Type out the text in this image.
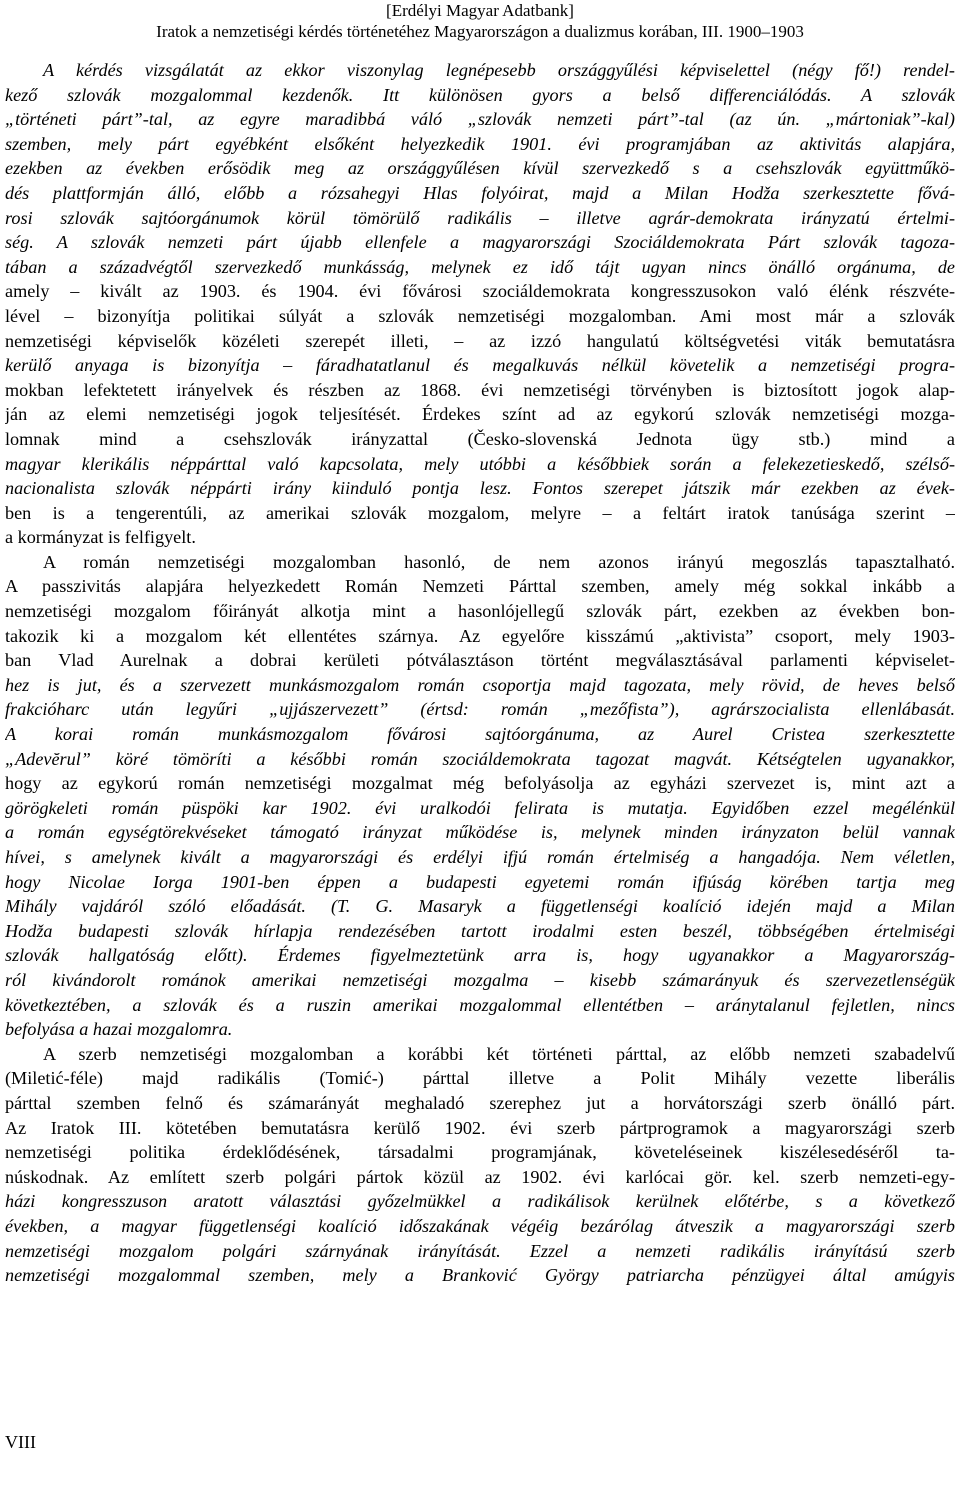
[Erdélyi Magyar Adatbank]
Iratok a nemzetiségi kérdés történetéhez Magyarországon a dualizmus korában, III. 1900–1903
A kérdés vizsgálatát az ekkor viszonylag legnépesebb országgyűlési képviselettel (négy fő!) rendel-
kező szlovák mozgalommal kezdenők. Itt különösen gyors a belső differenciálódás. A szlovák
„történeti párt”-tal, az egyre maradibbá váló „szlovák nemzeti párt”-tal (az ún. „mártoniak”-kal)
szemben, mely párt egyébként elsőként helyezkedik 1901. évi programjában az aktivitás alapjára,
ezekben az években erősödik meg az országgyűlésen kívül szervezkedő s a csehszlovák együttműkö-
dés plattformján álló, előbb a rózsahegyi Hlas folyóirat, majd a Milan Hodža szerkesztette fővá-
rosi szlovák sajtóorgánumok körül tömörülő radikális – illetve agrár-demokrata irányzatú értelmi-
ség. A szlovák nemzeti párt újabb ellenfele a magyarországi Szociáldemokrata Párt szlovák tagoza-
tában a századvégtől szervezkedő munkásság, melynek ez idő tájt ugyan nincs önálló orgánuma, de
amely – kivált az 1903. és 1904. évi fővárosi szociáldemokrata kongresszusokon való élénk részvéte-
lével – bizonyítja politikai súlyát a szlovák nemzetiségi mozgalomban. Ami most már a szlovák
nemzetiségi képviselők közéleti szerepét illeti, – az izzó hangulatú költségvetési viták bemutatásra
kerülő anyaga is bizonyítja – fáradhatatlanul és megalkuvás nélkül követelik a nemzetiségi progra-
mokban lefektetett irányelvek és részben az 1868. évi nemzetiségi törvényben is biztosított jogok alap-
ján az elemi nemzetiségi jogok teljesítését. Érdekes színt ad az egykorú szlovák nemzetiségi mozga-
lomnak mind a csehszlovák irányzattal (Česko-slovenská Jednota ügy stb.) mind a
magyar klerikális néppárttal való kapcsolata, mely utóbbi a későbbiek során a felekezetieskedő, szélső-
nacionalista szlovák néppárti irány kiinduló pontja lesz. Fontos szerepet játszik már ezekben az évek-
ben is a tengerentúli, az amerikai szlovák mozgalom, melyre – a feltárt iratok tanúsága szerint –
a kormányzat is felfigyelt.
A román nemzetiségi mozgalomban hasonló, de nem azonos irányú megoszlás tapasztalható.
A passzivitás alapjára helyezkedett Román Nemzeti Párttal szemben, amely még sokkal inkább a
nemzetiségi mozgalom főirányát alkotja mint a hasonlójellegű szlovák párt, ezekben az években bon-
takozik ki a mozgalom két ellentétes szárnya. Az egyelőre kisszámú „aktivista” csoport, mely 1903-
ban Vlad Aurelnak a dobrai kerületi pótválasztáson történt megválasztásával parlamenti képviselet-
hez is jut, és a szervezett munkásmozgalom román csoportja majd tagozata, mely rövid, de heves belső
frakcióharc után legyűri „ujjászervezett” (értsd: román „mezőfista”), agrárszocialista ellenlábasát.
A korai román munkásmozgalom fővárosi sajtóorgánuma, az Aurel Cristea szerkesztette
„Adevĕrul” köré tömöríti a későbbi román szociáldemokrata tagozat magvát. Kétségtelen ugyanakkor,
hogy az egykorú román nemzetiségi mozgalmat még befolyásolja az egyházi szervezet is, mint azt a
görögkeleti román püspöki kar 1902. évi uralkodói felirata is mutatja. Egyidőben ezzel megélénkül
a román egységtörekvéseket támogató irányzat működése is, melynek minden irányzaton belül vannak
hívei, s amelynek kivált a magyarországi és erdélyi ifjú román értelmiség a hangadója. Nem véletlen,
hogy Nicolae Iorga 1901-ben éppen a budapesti egyetemi román ifjúság körében tartja meg
Mihály vajdáról szóló előadását. (T. G. Masaryk a függetlenségi koalíció idején majd a Milan
Hodža budapesti szlovák hírlapja rendezésében tartott irodalmi esten beszél, többségében értelmiségi
szlovák hallgatóság előtt). Érdemes figyelmeztetünk arra is, hogy ugyanakkor a Magyarország-
ról kivándorolt románok amerikai nemzetiségi mozgalma – kisebb számarányuk és szervezetlenségük
következtében, a szlovák és a ruszin amerikai mozgalommal ellentétben – aránytalanul fejletlen, nincs
befolyása a hazai mozgalomra.
A szerb nemzetiségi mozgalomban a korábbi két történeti párttal, az előbb nemzeti szabadelvű
(Miletić-féle) majd radikális (Tomić-) párttal illetve a Polit Mihály vezette liberális
párttal szemben felnő és számarányát meghaladó szerephez jut a horvátországi szerb önálló párt.
Az Iratok III. kötetében bemutatásra kerülő 1902. évi szerb pártprogramok a magyarországi szerb
nemzetiségi politika érdeklődésének, társadalmi programjának, követeléseinek kiszélesedéséről ta-
núskodnak. Az említett szerb polgári pártok közül az 1902. évi karlócai gör. kel. szerb nemzeti-egy-
házi kongresszuson aratott választási győzelmükkel a radikálisok kerülnek előtérbe, s a következő
években, a magyar függetlenségi koalíció időszakának végéig bezárólag átveszik a magyarországi szerb
nemzetiségi mozgalom polgári szárnyának irányítását. Ezzel a nemzeti radikális irányítású szerb
nemzetiségi mozgalommal szemben, mely a Branković György patriarcha pénzügyei által amúgyis
VIII
